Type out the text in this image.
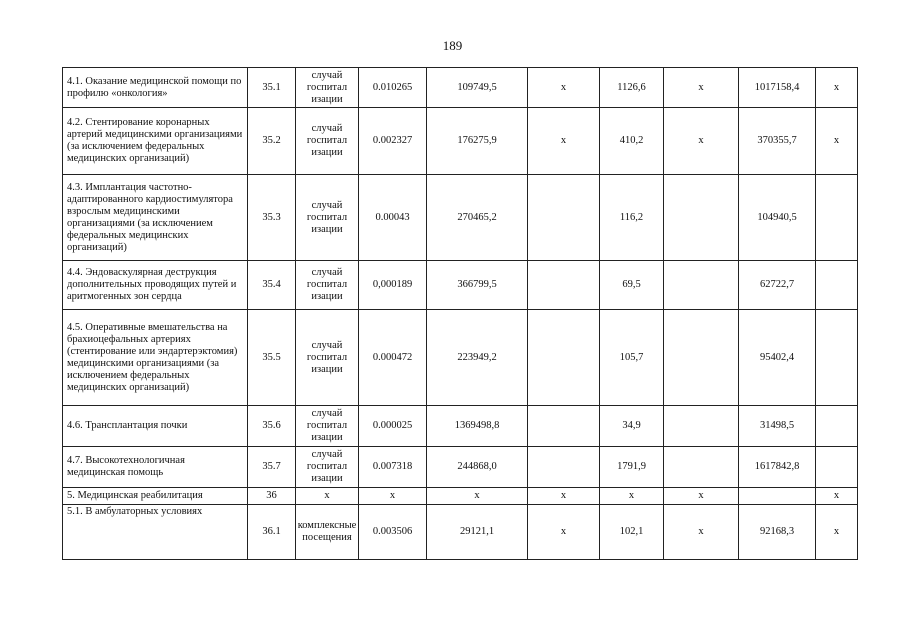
189
4.1. Оказание медицинской помощи по профилю «онкология»	35.1	случай госпитал изации	0.010265	109749,5	х	1126,6	х	1017158,4	х
4.2. Стентирование коронарных артерий медицинскими организациями (за исключением федеральных медицинских организаций)	35.2	случай госпитал изации	0.002327	176275,9	х	410,2	х	370355,7	х
4.3. Имплантация частотно-адаптированного кардиостимулятора взрослым медицинскими организациями (за исключением федеральных медицинских организаций)	35.3	случай госпитал изации	0.00043	270465,2		116,2		104940,5	
4.4. Эндоваскулярная деструкция дополнительных проводящих путей и аритмогенных зон сердца	35.4	случай госпитал изации	0,000189	366799,5		69,5		62722,7	
4.5. Оперативные вмешательства на брахиоцефальных артериях (стентирование или эндартерэктомия) медицинскими организациями (за исключением федеральных медицинских организаций)	35.5	случай госпитал изации	0.000472	223949,2		105,7		95402,4	
4.6. Трансплантация почки	35.6	случай госпитал изации	0.000025	1369498,8		34,9		31498,5	
4.7. Высокотехнологичная медицинская помощь	35.7	случай госпитал изации	0.007318	244868,0		1791,9		1617842,8	
5. Медицинская реабилитация	36	х	х	х	х	х	х		х
5.1. В амбулаторных условиях	36.1	комплексные посещения	0.003506	29121,1	х	102,1	х	92168,3	х
